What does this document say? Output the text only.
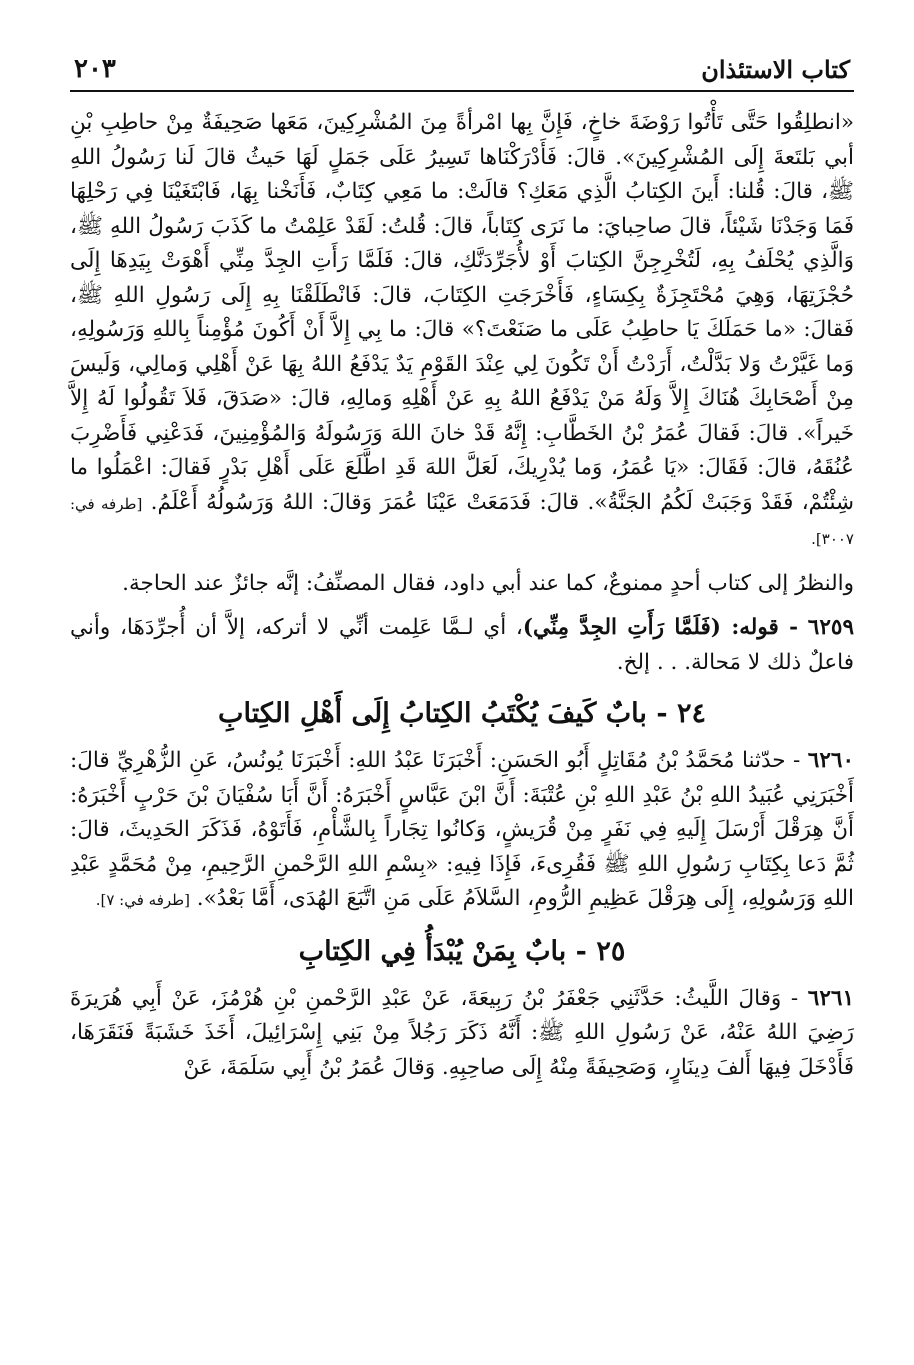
كتاب الاستئذان
٢٠٣

«انطلِقُوا حَتَّى تَأْتُوا رَوْضَةَ خاخٍ، فَإِنَّ بِها امْرأةً مِنَ المُشْرِكِينَ، مَعَها صَحِيفَةٌ مِنْ حاطِبِ بْنِ أبي بَلتَعةَ إِلَى المُشْرِكِينَ». قالَ: فَأَدْرَكْنَاها تَسِيرُ عَلَى جَمَلٍ لَهَا حَيثُ قالَ لَنا رَسُولُ اللهِ ﷺ، قالَ: قُلنا: أَينَ الكِتابُ الَّذِي مَعَكِ؟ قالَتْ: ما مَعِي كِتَابٌ، فَأَنَخْنا بِهَا، فَابْتَغَيْنَا فِي رَحْلِهَا فَمَا وَجَدْنَا شَيْئاً، قالَ صاحِبايَ: ما نَرَى كِتَاباً، قالَ: قُلتُ: لَقَدْ عَلِمْتُ ما كَذَبَ رَسُولُ اللهِ ﷺ، وَالَّذِي يُحْلَفُ بِهِ، لَتُخْرِجِنَّ الكِتابَ أَوْ لأُجَرِّدَنَّكِ، قالَ: فَلَمَّا رَأَتِ الجِدَّ مِنِّي أَهْوَتْ بِيَدِهَا إِلَى حُجْزَتِهَا، وَهِيَ مُحْتَجِزَةٌ بِكِسَاءٍ، فَأَخْرَجَتِ الكِتَابَ، قالَ: فَانْطَلَقْنَا بِهِ إِلَى رَسُولِ اللهِ ﷺ، فَقالَ: «ما حَمَلَكَ يَا حاطِبُ عَلَى ما صَنَعْتَ؟» قالَ: ما بِي إِلاَّ أَنْ أَكُونَ مُؤْمِناً بِاللهِ وَرَسُولِهِ، وَما غَيَّرْتُ وَلا بَدَّلْتُ، أَرَدْتُ أَنْ تَكُونَ لِي عِنْدَ القَوْمِ يَدٌ يَدْفَعُ اللهُ بِهَا عَنْ أَهْلِي وَمالِي، وَلَيسَ مِنْ أَصْحَابِكَ هُنَاكَ إِلاَّ وَلَهُ مَنْ يَدْفَعُ اللهُ بِهِ عَنْ أَهْلِهِ وَمالِهِ، قالَ: «صَدَقَ، فَلاَ تَقُولُوا لَهُ إِلاَّ خَيراً». قالَ: فَقالَ عُمَرُ بْنُ الخَطَّابِ: إِنَّهُ قَدْ خانَ اللهَ وَرَسُولَهُ وَالمُؤْمِنِينَ، فَدَعْنِي فَأَضْرِبَ عُنُقَهُ، قالَ: فَقَالَ: «يَا عُمَرُ، وَما يُدْرِيكَ، لَعَلَّ اللهَ قَدِ اطَّلَعَ عَلَى أَهْلِ بَدْرٍ فَقالَ: اعْمَلُوا ما شِئْتُمْ، فَقَدْ وَجَبَتْ لَكُمُ الجَنَّةُ». قالَ: فَدَمَعَتْ عَيْنَا عُمَرَ وَقالَ: اللهُ وَرَسُولُهُ أَعْلَمُ. [طرفه في: ٣٠٠٧].

والنظرُ إلى كتاب أحدٍ ممنوعٌ، كما عند أبي داود، فقال المصنِّفُ: إنَّه جائزٌ عند الحاجة.

٦٢٥٩ - قوله: (فَلَمَّا رَأَتِ الجِدَّ مِنِّي)، أي لـمَّا عَلِمت أنِّي لا أتركه، إلاَّ أن أُجرِّدَهَا، وأني فاعلٌ ذلك لا مَحالة. . . إلخ.

٢٤ - بابٌ كَيفَ يُكْتَبُ الكِتابُ إِلَى أَهْلِ الكِتابِ

٦٢٦٠ - حدّثنا مُحَمَّدُ بْنُ مُقَاتِلٍ أَبُو الحَسَنِ: أَخْبَرَنَا عَبْدُ اللهِ: أَخْبَرَنَا يُونُسُ، عَنِ الزُّهْرِيِّ قالَ: أَخْبَرَنِي عُبَيدُ اللهِ بْنُ عَبْدِ اللهِ بْنِ عُتْبَةَ: أَنَّ ابْنَ عَبَّاسٍ أَخْبَرَهُ: أَنَّ أَبَا سُفْيَانَ بْنَ حَرْبٍ أَخْبَرَهُ: أَنَّ هِرَقْلَ أَرْسَلَ إِلَيهِ فِي نَفَرٍ مِنْ قُرَيشٍ، وَكانُوا تِجَاراً بِالشَّأْمِ، فَأَتَوْهُ، فَذَكَرَ الحَدِيثَ، قالَ: ثُمَّ دَعا بِكِتَابِ رَسُولِ اللهِ ﷺ فَقُرِىءَ، فَإِذَا فِيهِ: «بِسْمِ اللهِ الرَّحْمنِ الرَّحِيمِ، مِنْ مُحَمَّدٍ عَبْدِ اللهِ وَرَسُولِهِ، إِلَى هِرَقْلَ عَظِيمِ الرُّومِ، السَّلاَمُ عَلَى مَنِ اتَّبَعَ الهُدَى، أَمَّا بَعْدُ». [طرفه في: ٧].

٢٥ - بابٌ بِمَنْ يُبْدَأُ فِي الكِتابِ

٦٢٦١ - وَقالَ اللَّيثُ: حَدَّثَنِي جَعْفَرُ بْنُ رَبِيعَةَ، عَنْ عَبْدِ الرَّحْمنِ بْنِ هُرْمُزَ، عَنْ أَبِي هُرَيرَةَ رَضِيَ اللهُ عَنْهُ، عَنْ رَسُولِ اللهِ ﷺ: أَنَّهُ ذَكَرَ رَجُلاً مِنْ بَنِي إِسْرَائِيلَ، أَخَذَ خَشَبَةً فَنَقَرَهَا، فَأَدْخَلَ فِيهَا أَلفَ دِينَارٍ، وَصَحِيفَةً مِنْهُ إِلَى صاحِبِهِ. وَقالَ عُمَرُ بْنُ أَبِي سَلَمَةَ، عَنْ
